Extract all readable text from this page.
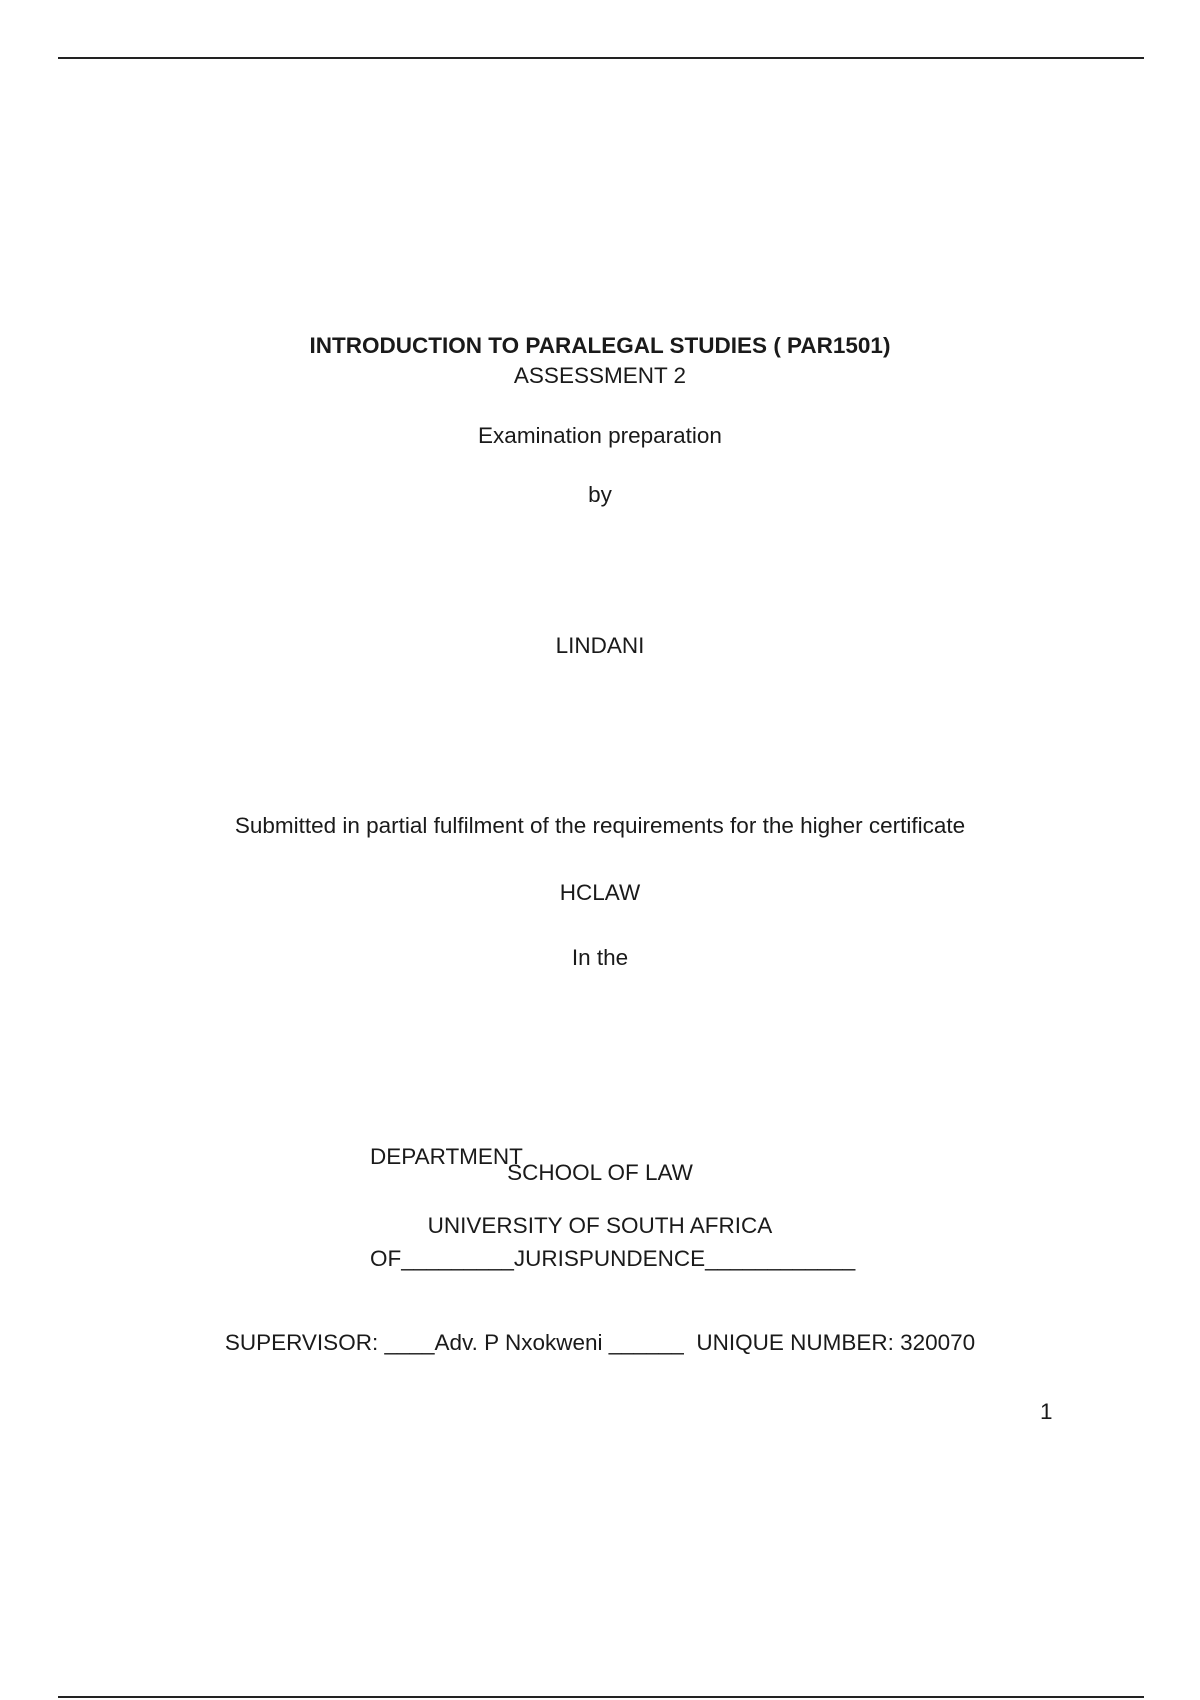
INTRODUCTION TO PARALEGAL STUDIES ( PAR1501)
ASSESSMENT 2
Examination preparation
by
LINDANI
Submitted in partial fulfilment of the requirements for the higher certificate
HCLAW
In the

DEPARTMENT

OF_________JURISPUNDENCE____________

SCHOOL OF LAW
UNIVERSITY OF SOUTH AFRICA
SUPERVISOR: ____Adv. P Nxokweni ______  UNIQUE NUMBER: 320070
1
